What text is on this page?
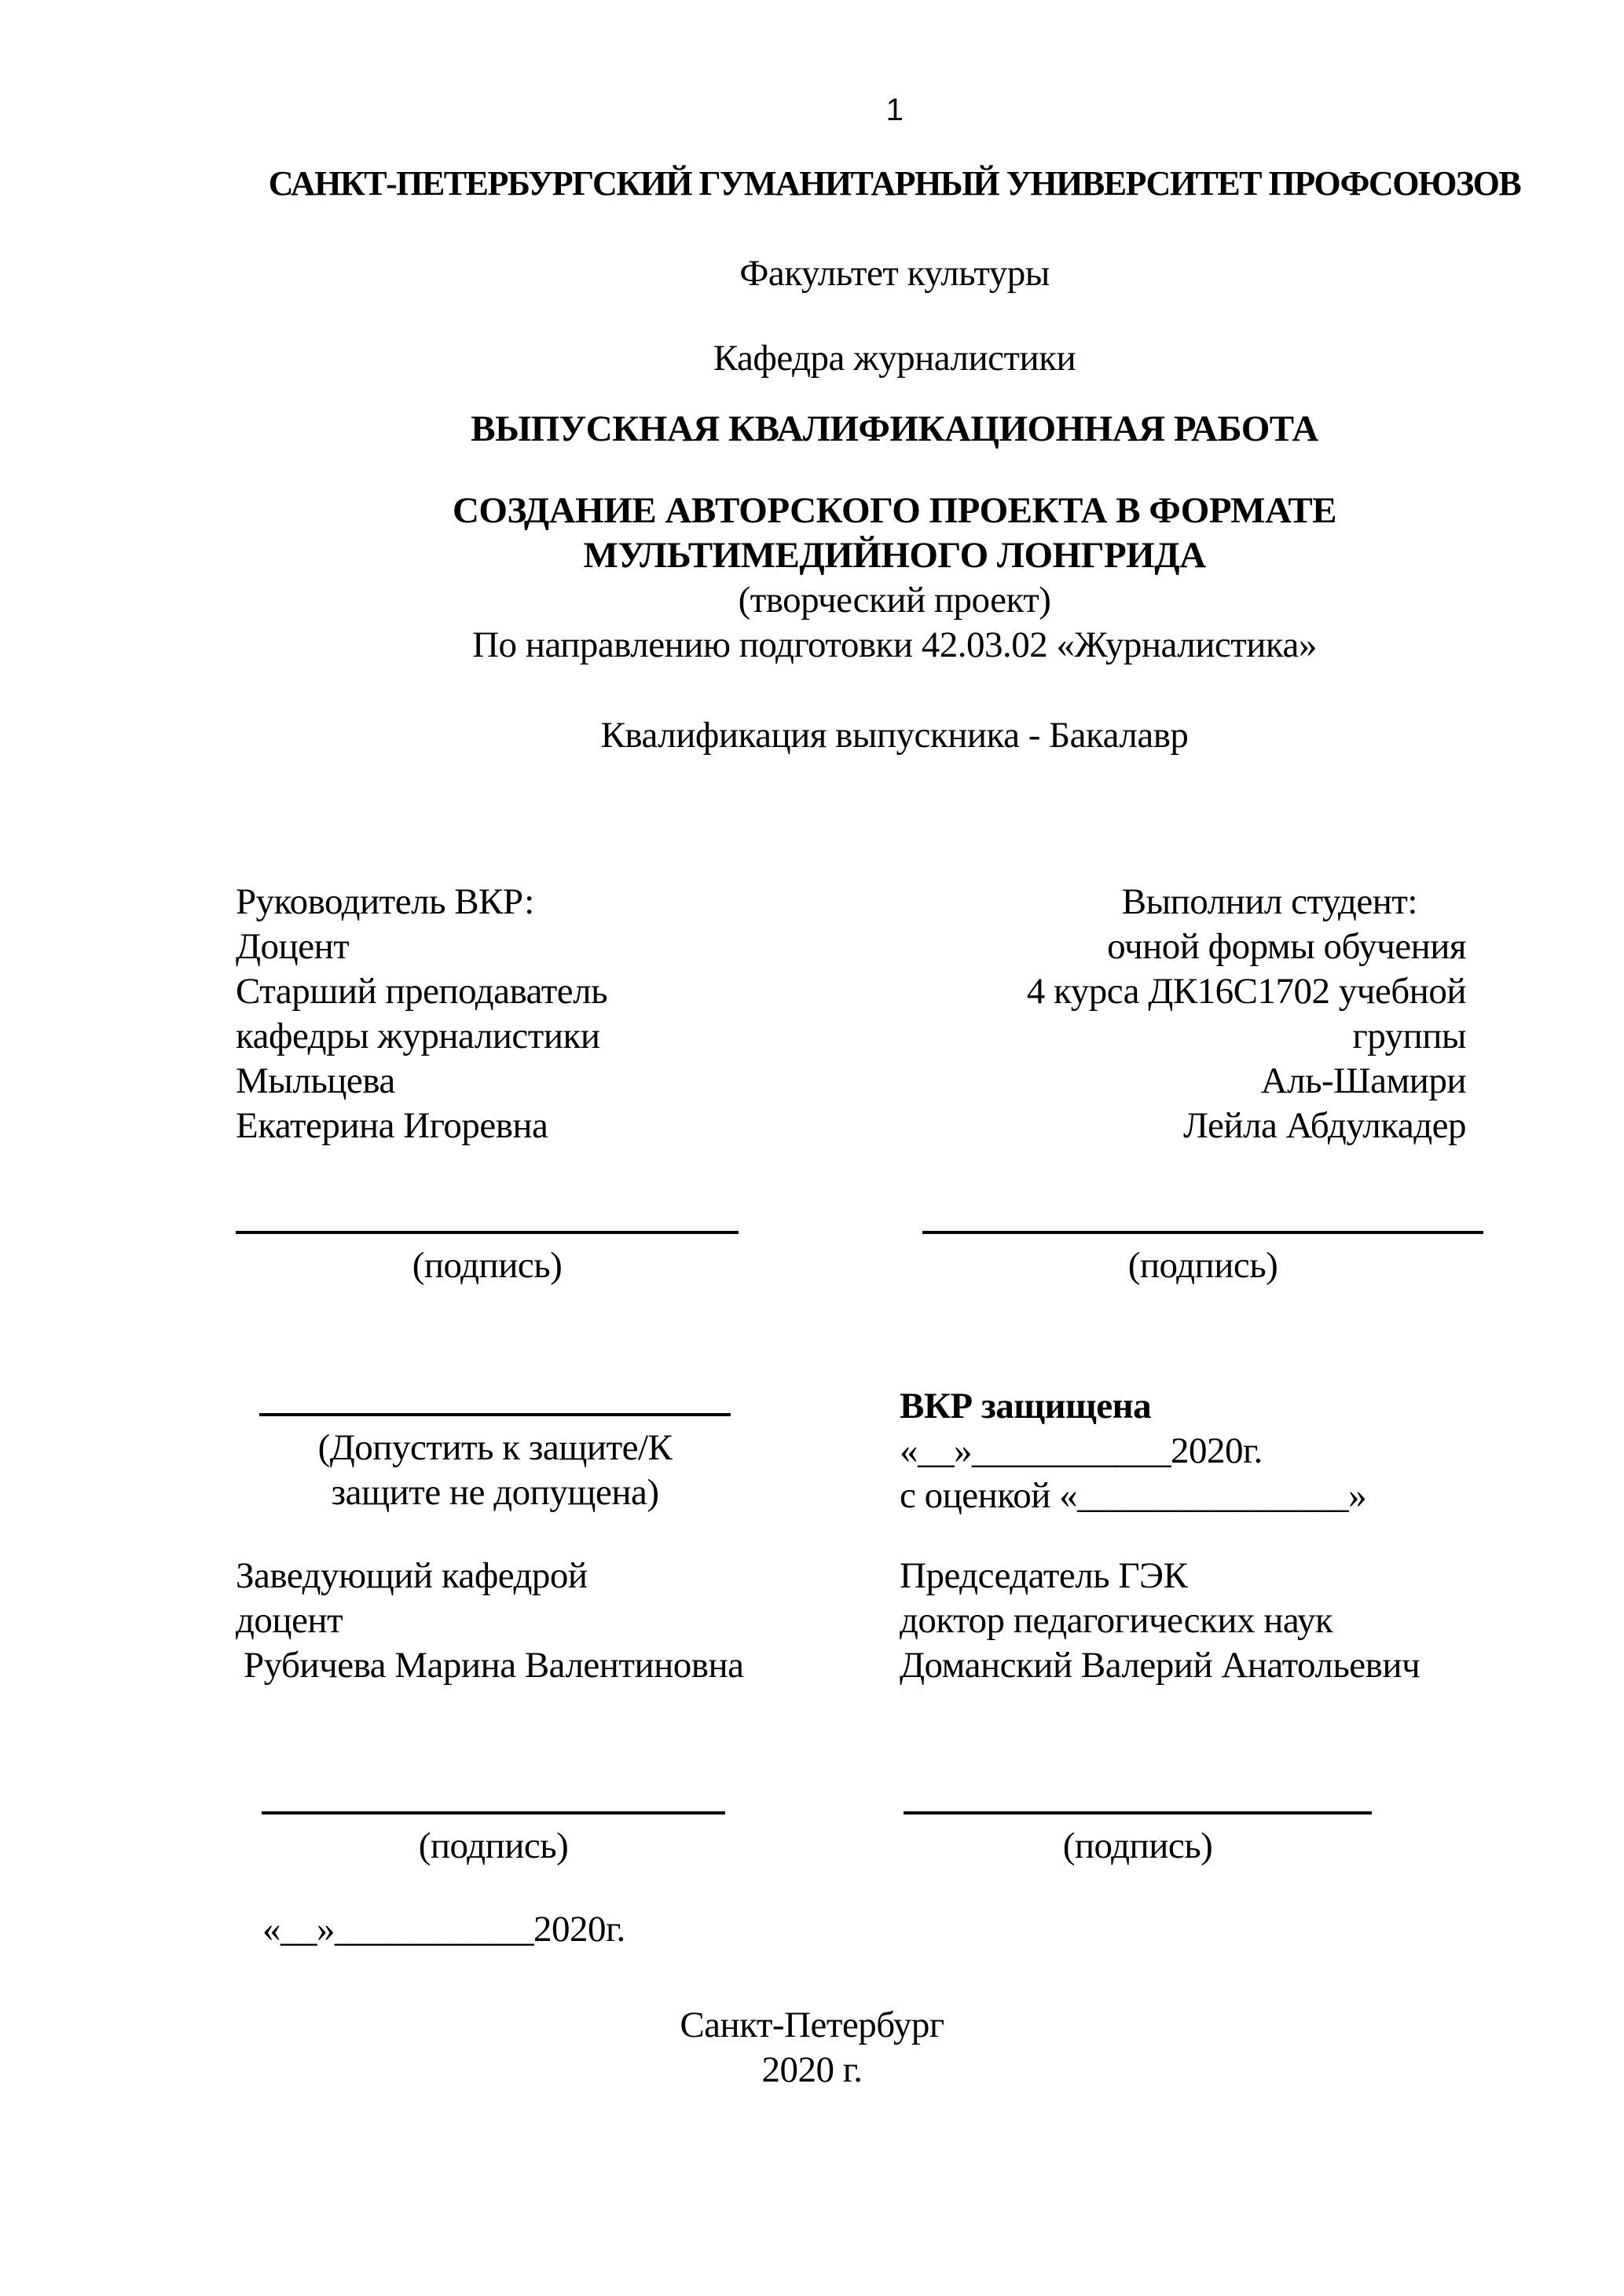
1
САНКТ-ПЕТЕРБУРГСКИЙ ГУМАНИТАРНЫЙ УНИВЕРСИТЕТ ПРОФСОЮЗОВ
Факультет культуры
Кафедра журналистики
ВЫПУСКНАЯ КВАЛИФИКАЦИОННАЯ РАБОТА
СОЗДАНИЕ АВТОРСКОГО ПРОЕКТА В ФОРМАТЕ
МУЛЬТИМЕДИЙНОГО ЛОНГРИДА
(творческий проект)
По направлению подготовки 42.03.02 «Журналистика»
Квалификация выпускника - Бакалавр
Руководитель ВКР:
Доцент
Старший преподаватель
кафедры журналистики
Мыльцева
Екатерина Игоревна
Выполнил студент:
очной формы обучения
4 курса ДК16С1702 учебной
группы
Аль-Шамири
Лейла Абдулкадер
(подпись)	(подпись)
(Допустить к защите/К
защите не допущена)
ВКР защищена
«__»___________2020г.
с оценкой «_______________»
Заведующий кафедрой
доцент
Рубичева Марина Валентиновна
Председатель ГЭК
доктор педагогических наук
Доманский Валерий Анатольевич
(подпись)	(подпись)
«__»___________2020г.
Санкт-Петербург
2020 г.
